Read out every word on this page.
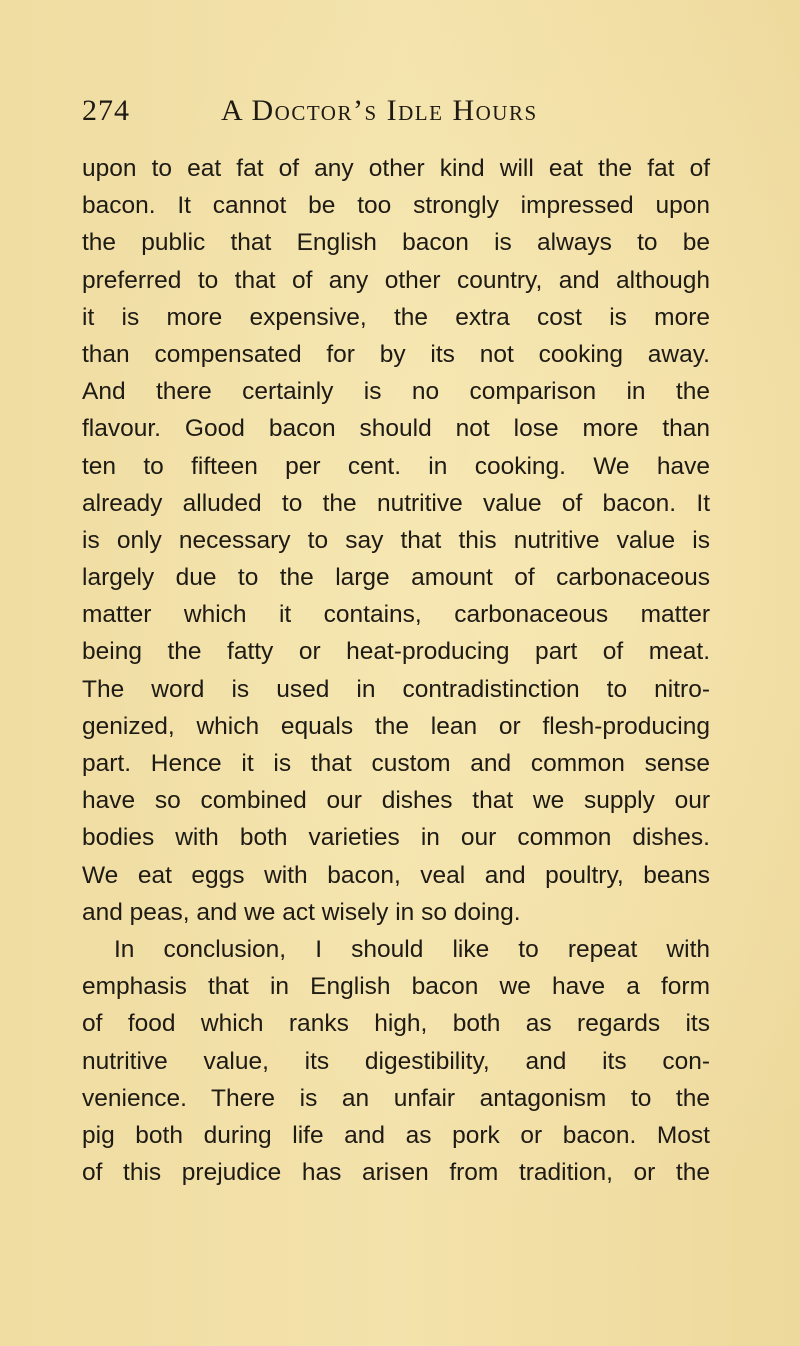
274	A Doctor’s Idle Hours
upon to eat fat of any other kind will eat the fat of
bacon. It cannot be too strongly impressed upon
the public that English bacon is always to be
preferred to that of any other country, and although
it is more expensive, the extra cost is more
than compensated for by its not cooking away.
And there certainly is no comparison in the
flavour. Good bacon should not lose more than
ten to fifteen per cent. in cooking. We have
already alluded to the nutritive value of bacon. It
is only necessary to say that this nutritive value is
largely due to the large amount of carbonaceous
matter which it contains, carbonaceous matter
being the fatty or heat-producing part of meat.
The word is used in contradistinction to nitro-
genized, which equals the lean or flesh-producing
part. Hence it is that custom and common sense
have so combined our dishes that we supply our
bodies with both varieties in our common dishes.
We eat eggs with bacon, veal and poultry, beans
and peas, and we act wisely in so doing.
In conclusion, I should like to repeat with
emphasis that in English bacon we have a form
of food which ranks high, both as regards its
nutritive value, its digestibility, and its con-
venience. There is an unfair antagonism to the
pig both during life and as pork or bacon. Most
of this prejudice has arisen from tradition, or the
